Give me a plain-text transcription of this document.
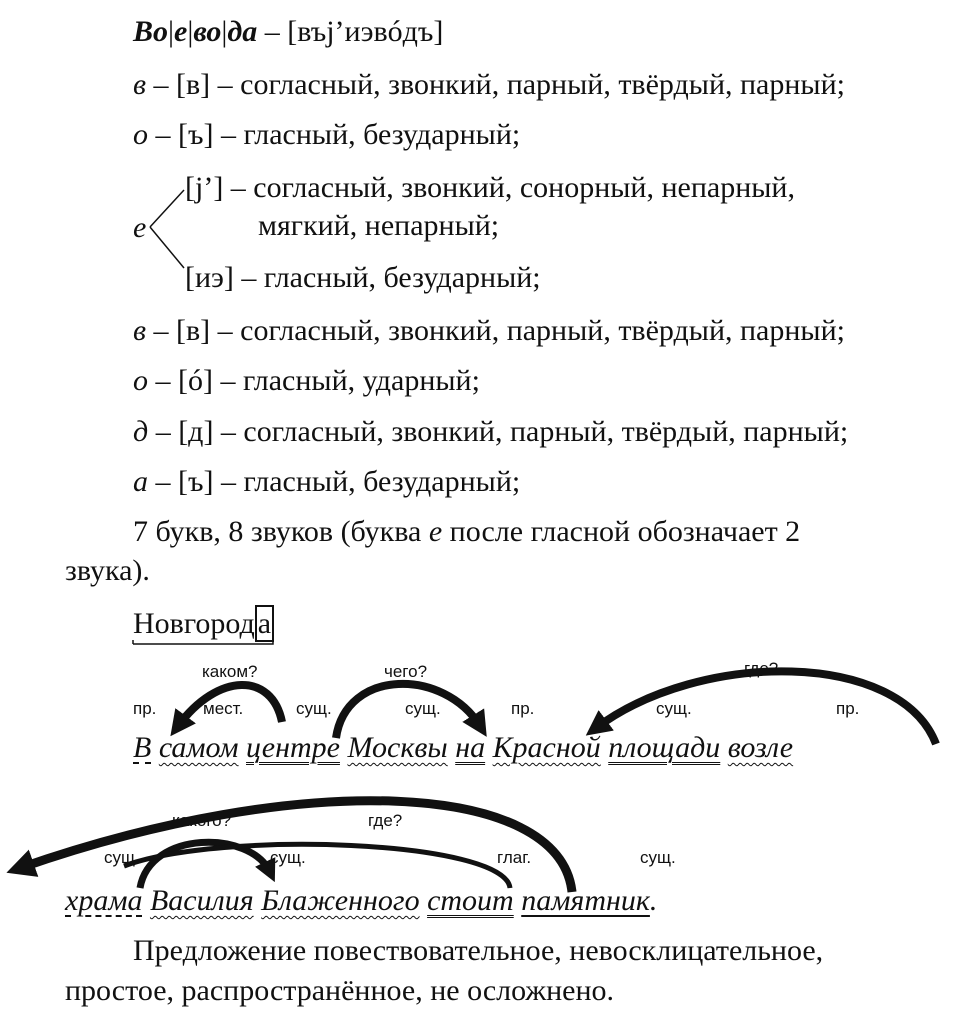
Во|е|во|да – [въj’иэвóдъ]
в – [в] – согласный, звонкий, парный, твёрдый, парный;
о – [ъ] – гласный, безударный;
е
[j’] – согласный, звонкий, сонорный, непарный,
мягкий, непарный;
[иэ] – гласный, безударный;
в – [в] – согласный, звонкий, парный, твёрдый, парный;
о – [ó] – гласный, ударный;
д – [д] – согласный, звонкий, парный, твёрдый, парный;
а – [ъ] – гласный, безударный;
7 букв, 8 звуков (буква е после гласной обозначает 2
звука).
Новгород а
каком?	чего?	где?
пр.	мест.	сущ.	сущ.	пр.	сущ.	пр.
В самом центре Москвы на Красной площади возле
какого?	где?
сущ.	сущ.	глаг.	сущ.
храма Василия Блаженного стоит памятник.
Предложение повествовательное, невосклицательное,
простое, распространённое, не осложнено.
